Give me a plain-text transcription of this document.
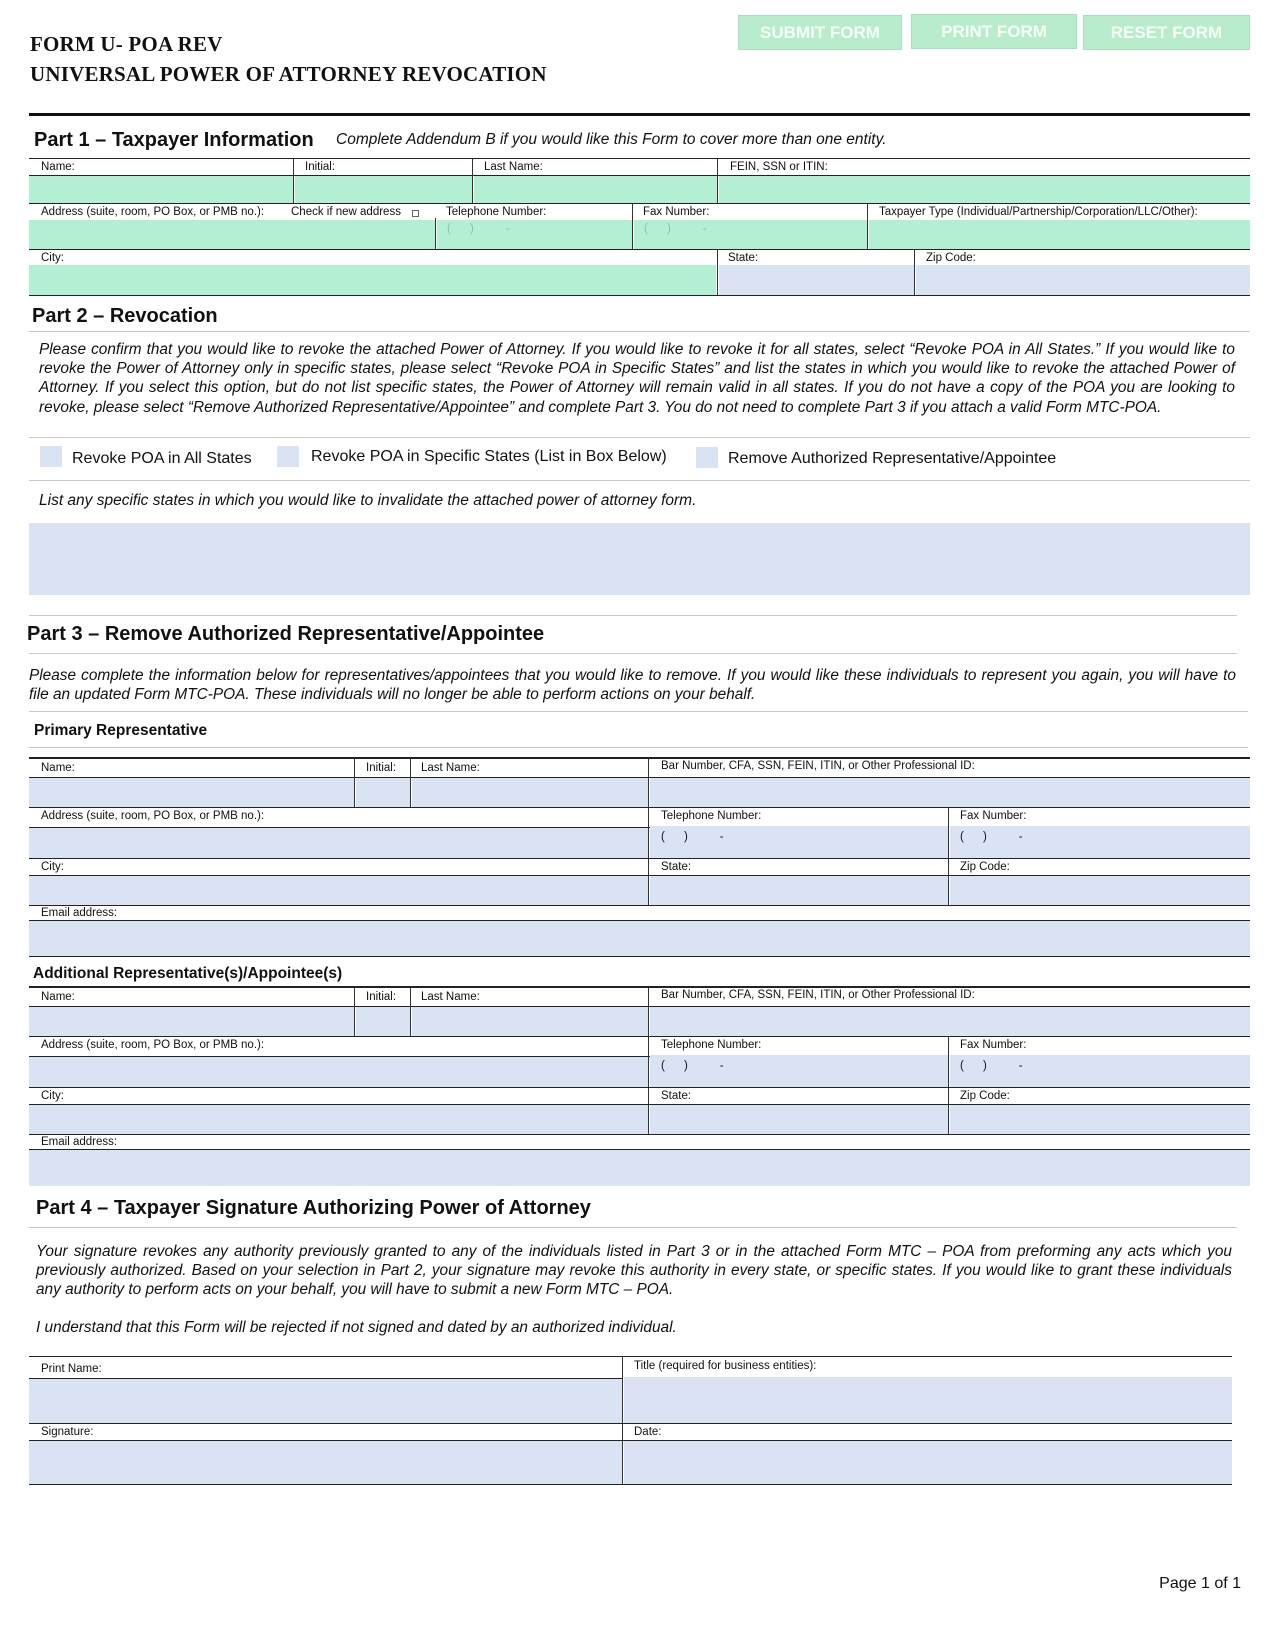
FORM U- POA REV
UNIVERSAL POWER OF ATTORNEY REVOCATION
SUBMIT FORM	PRINT FORM	RESET FORM
Part 1 – Taxpayer Information Complete Addendum B if you would like this Form to cover more than one entity.
Name:	Initial:	Last Name:	FEIN, SSN or ITIN:
Address (suite, room, PO Box, or PMB no.): Check if new address	Telephone Number:	Fax Number:	Taxpayer Type (Individual/Partnership/Corporation/LLC/Other):
(      )          -	(      )          -
City:	State:	Zip Code:
Part 2 – Revocation
Please confirm that you would like to revoke the attached Power of Attorney. If you would like to revoke it for all states, select “Revoke POA in All States.” If you would like to revoke the Power of Attorney only in specific states, please select “Revoke POA in Specific States” and list the states in which you would like to revoke the attached Power of Attorney. If you select this option, but do not list specific states, the Power of Attorney will remain valid in all states. If you do not have a copy of the POA you are looking to revoke, please select “Remove Authorized Representative/Appointee” and complete Part 3. You do not need to complete Part 3 if you attach a valid Form MTC-POA.
Revoke POA in All States	Revoke POA in Specific States (List in Box Below)	Remove Authorized Representative/Appointee
List any specific states in which you would like to invalidate the attached power of attorney form.
Part 3 – Remove Authorized Representative/Appointee
Please complete the information below for representatives/appointees that you would like to remove. If you would like these individuals to represent you again, you will have to file an updated Form MTC-POA. These individuals will no longer be able to perform actions on your behalf.
Primary Representative
Name:	Initial: Last Name:	Bar Number, CFA, SSN, FEIN, ITIN, or Other Professional ID:
Address (suite, room, PO Box, or PMB no.):	Telephone Number:	Fax Number:
(      )          -	(      )          -
City:	State:	Zip Code:
Email address:
Additional Representative(s)/Appointee(s)
Name:	Initial: Last Name:	Bar Number, CFA, SSN, FEIN, ITIN, or Other Professional ID:
Address (suite, room, PO Box, or PMB no.):	Telephone Number:	Fax Number:
(      )          -	(      )          -
City:	State:	Zip Code:
Email address:
Part 4 – Taxpayer Signature Authorizing Power of Attorney
Your signature revokes any authority previously granted to any of the individuals listed in Part 3 or in the attached Form MTC – POA from preforming any acts which you previously authorized. Based on your selection in Part 2, your signature may revoke this authority in every state, or specific states. If you would like to grant these individuals any authority to perform acts on your behalf, you will have to submit a new Form MTC – POA.
I understand that this Form will be rejected if not signed and dated by an authorized individual.
Print Name:	Title (required for business entities):
Signature:	Date:
Page 1 of 1
